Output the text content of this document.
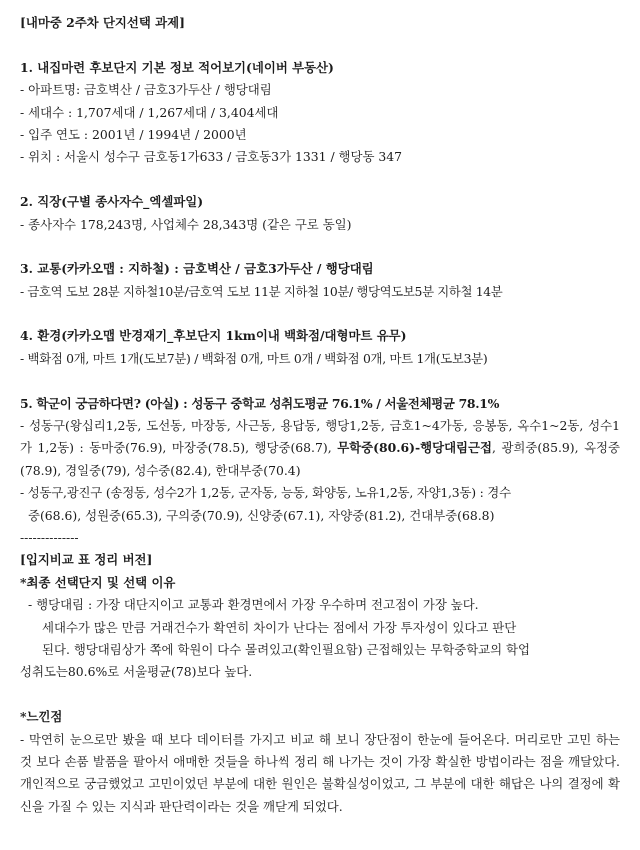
[내마중 2주차 단지선택 과제]
1. 내집마련 후보단지 기본 정보 적어보기(네이버 부동산)
- 아파트명: 금호벽산 / 금호3가두산 / 행당대림
- 세대수 : 1,707세대 / 1,267세대 / 3,404세대
- 입주 연도 : 2001년 / 1994년 / 2000년
- 위치 : 서울시 성수구 금호동1가633 / 금호동3가 1331 / 행당동 347
2. 직장(구별 종사자수_엑셀파일)
- 종사자수 178,243명, 사업체수 28,343명 (같은 구로 동일)
3. 교통(카카오맵 : 지하철) : 금호벽산 / 금호3가두산 / 행당대림
- 금호역 도보 28분 지하철10분/금호역 도보 11분 지하철 10분/ 행당역도보5분 지하철 14분
4. 환경(카카오맵 반경재기_후보단지 1km이내 백화점/대형마트 유무)
- 백화점 0개, 마트 1개(도보7분) / 백화점 0개, 마트 0개 / 백화점 0개, 마트 1개(도보3분)
5. 학군이 궁금하다면? (아실) : 성동구 중학교 성취도평균 76.1% / 서울전체평균 78.1%
- 성동구(왕십리1,2동, 도선동, 마장동, 사근동, 용답동, 행당1,2동, 금호1~4가동, 응봉동, 옥수1~2동, 성수1가 1,2동) : 동마중(76.9), 마장중(78.5), 행당중(68.7), 무학중(80.6)-행당대림근접, 광희중(85.9), 옥정중(78.9), 경일중(79), 성수중(82.4), 한대부중(70.4)
- 성동구,광진구 (송정동, 성수2가 1,2동, 군자동, 능동, 화양동, 노유1,2동, 자양1,3동) : 경수
중(68.6), 성원중(65.3), 구의중(70.9), 신양중(67.1), 자양중(81.2), 건대부중(68.8)
--------------
[입지비교 표 정리 버전]
*최종 선택단지 및 선택 이유
- 행당대림 : 가장 대단지이고 교통과 환경면에서 가장 우수하며 전고점이 가장 높다.
세대수가 많은 만큼 거래건수가 확연히 차이가 난다는 점에서 가장 투자성이 있다고 판단
된다. 행당대림상가 쪽에 학원이 다수 몰려있고(확인필요함) 근접해있는 무학중학교의 학업
성취도는80.6%로 서울평균(78)보다 높다.
*느낀점
- 막연히 눈으로만 봤을 때 보다 데이터를 가지고 비교 해 보니 장단점이 한눈에 들어온다. 머리로만 고민 하는 것 보다 손품 발품을 팔아서 애매한 것들을 하나씩 정리 해 나가는 것이 가장 확실한 방법이라는 점을 깨달았다. 개인적으로 궁금했었고 고민이었던 부분에 대한 원인은 불확실성이었고, 그 부분에 대한 해답은 나의 결정에 확신을 가질 수 있는 지식과 판단력이라는 것을 깨닫게 되었다.
